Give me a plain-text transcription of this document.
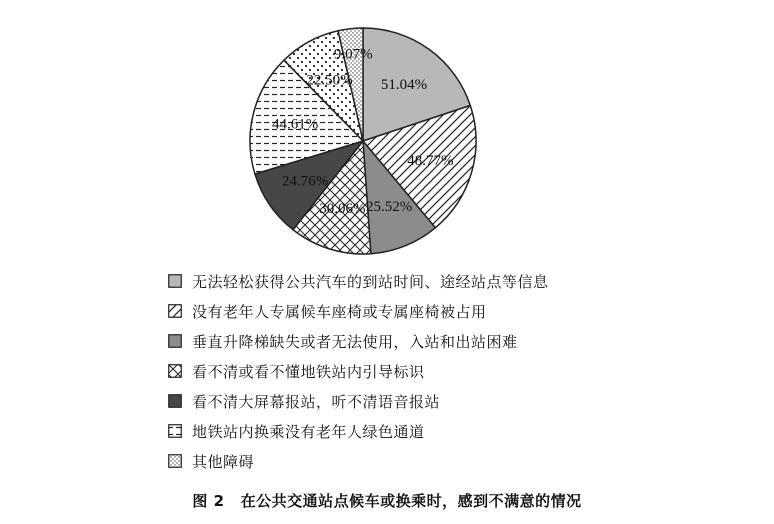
51.04%
48.77%
25.52%
30.06%
24.76%
44.61%
22.50%
9.07%
无法轻松获得公共汽车的到站时间、途经站点等信息
没有老年人专属候车座椅或专属座椅被占用
垂直升降梯缺失或者无法使用，入站和出站困难
看不清或看不懂地铁站内引导标识
看不清大屏幕报站，听不清语音报站
地铁站内换乘没有老年人绿色通道
其他障碍
图 2 在公共交通站点候车或换乘时，感到不满意的情况
